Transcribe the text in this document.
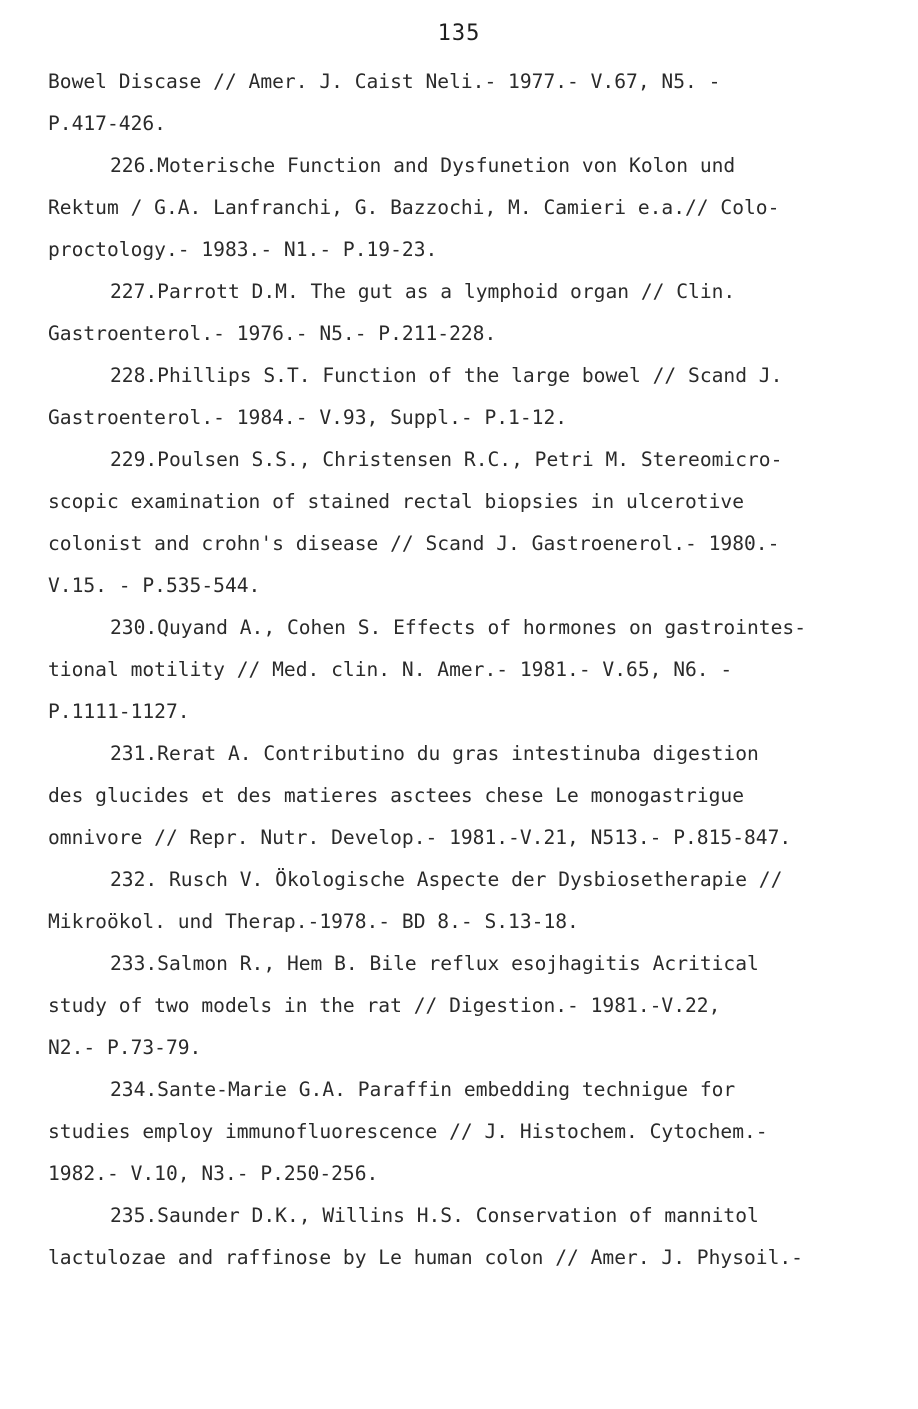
135
Bowel Discase // Amer. J. Caist Neli.- 1977.- V.67, N5. -
P.417-426.
226.Moterische Function and Dysfunetion von Kolon und
Rektum / G.A. Lanfranchi, G. Bazzochi, M. Camieri e.a.// Colo-
proctology.- 1983.- N1.- P.19-23.
227.Parrott D.M. The gut as a lymphoid organ // Clin.
Gastroenterol.- 1976.- N5.- P.211-228.
228.Phillips S.T. Function of the large bowel // Scand J.
Gastroenterol.- 1984.- V.93, Suppl.- P.1-12.
229.Poulsen S.S., Christensen R.C., Petri M. Stereomicro-
scopic examination of stained rectal biopsies in ulcerotive
colonist and crohn's disease // Scand J. Gastroenerol.- 1980.-
V.15. - P.535-544.
230.Quyand A., Cohen S. Effects of hormones on gastrointes-
tional motility // Med. clin. N. Amer.- 1981.- V.65, N6. -
P.1111-1127.
231.Rerat A. Contributino du gras intestinuba digestion
des glucides et des matieres asctees chese Le monogastrigue
omnivore // Repr. Nutr. Develop.- 1981.-V.21, N513.- P.815-847.
232. Rusch V. Ökologische Aspecte der Dysbiosetherapie //
Mikroökol. und Therap.-1978.- BD 8.- S.13-18.
233.Salmon R., Hem B. Bile reflux esojhagitis Acritical
study of two models in the rat // Digestion.- 1981.-V.22,
N2.- P.73-79.
234.Sante-Marie G.A. Paraffin embedding technigue for
studies employ immunofluorescence // J. Histochem. Cytochem.-
1982.- V.10, N3.- P.250-256.
235.Saunder D.K., Willins H.S. Conservation of mannitol
lactulozae and raffinose by Le human colon // Amer. J. Physoil.-
